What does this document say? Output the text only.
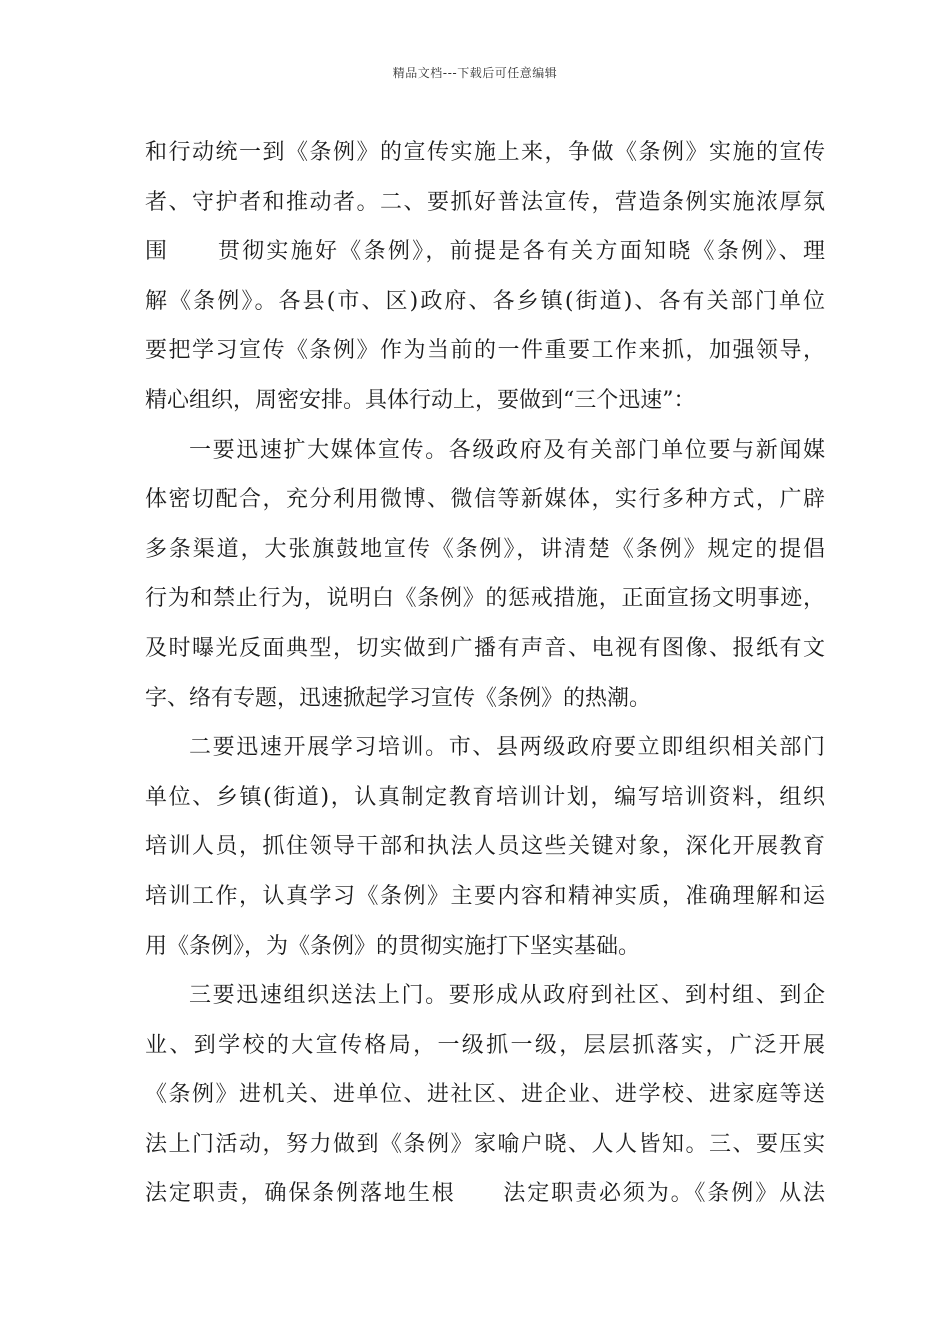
精品文档---下载后可任意编辑
和行动统一到《条例》的宣传实施上来，争做《条例》实施的宣传
者、守护者和推动者。二、要抓好普法宣传，营造条例实施浓厚氛
围　　贯彻实施好《条例》，前提是各有关方面知晓《条例》、理
解《条例》。各县(市、区)政府、各乡镇(街道)、各有关部门单位
要把学习宣传《条例》作为当前的一件重要工作来抓，加强领导，
精心组织，周密安排。具体行动上，要做到“三个迅速”：
一要迅速扩大媒体宣传。各级政府及有关部门单位要与新闻媒
体密切配合，充分利用微博、微信等新媒体，实行多种方式，广辟
多条渠道，大张旗鼓地宣传《条例》，讲清楚《条例》规定的提倡
行为和禁止行为，说明白《条例》的惩戒措施，正面宣扬文明事迹，
及时曝光反面典型，切实做到广播有声音、电视有图像、报纸有文
字、络有专题，迅速掀起学习宣传《条例》的热潮。
二要迅速开展学习培训。市、县两级政府要立即组织相关部门
单位、乡镇(街道)，认真制定教育培训计划，编写培训资料，组织
培训人员，抓住领导干部和执法人员这些关键对象，深化开展教育
培训工作，认真学习《条例》主要内容和精神实质，准确理解和运
用《条例》，为《条例》的贯彻实施打下坚实基础。
三要迅速组织送法上门。要形成从政府到社区、到村组、到企
业、到学校的大宣传格局，一级抓一级，层层抓落实，广泛开展
《条例》进机关、进单位、进社区、进企业、进学校、进家庭等送
法上门活动，努力做到《条例》家喻户晓、人人皆知。三、要压实
法定职责，确保条例落地生根　　法定职责必须为。《条例》从法
